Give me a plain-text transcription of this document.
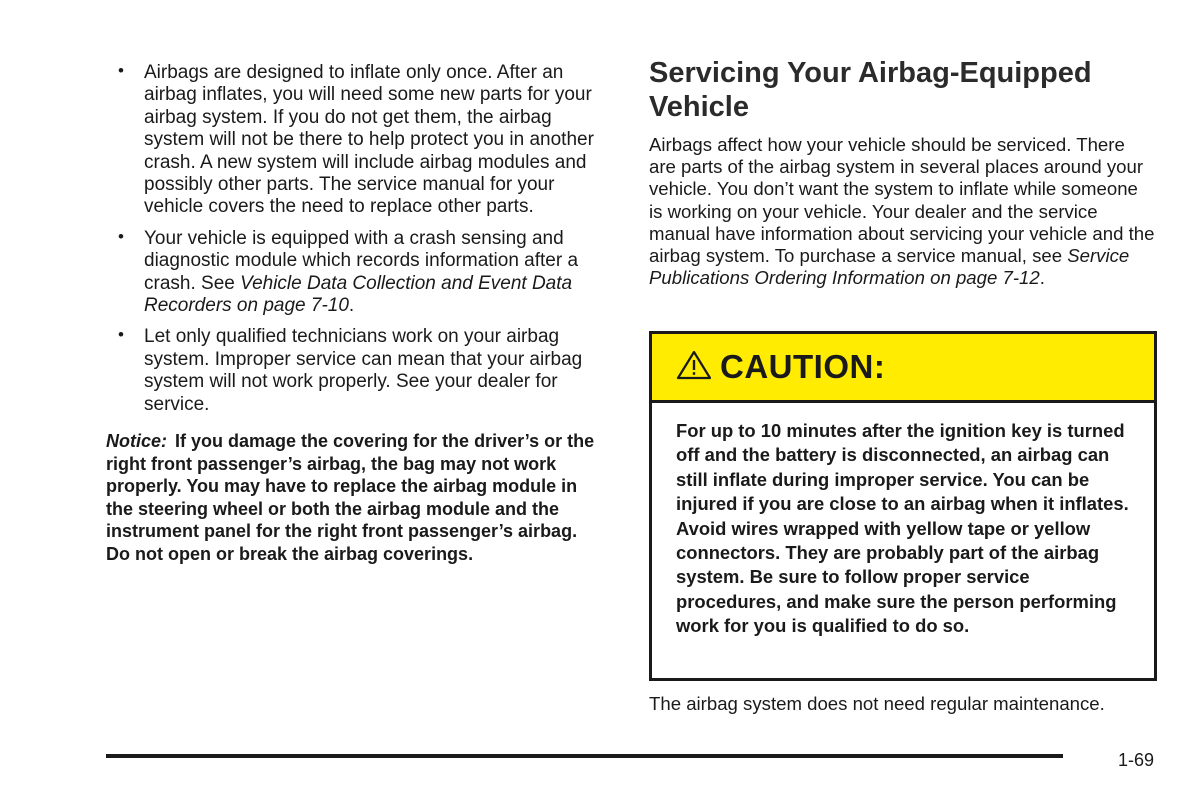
• Airbags are designed to inflate only once. After an airbag inflates, you will need some new parts for your airbag system. If you do not get them, the airbag system will not be there to help protect you in another crash. A new system will include airbag modules and possibly other parts. The service manual for your vehicle covers the need to replace other parts.
• Your vehicle is equipped with a crash sensing and diagnostic module which records information after a crash. See Vehicle Data Collection and Event Data Recorders on page 7-10.
• Let only qualified technicians work on your airbag system. Improper service can mean that your airbag system will not work properly. See your dealer for service.

Notice: If you damage the covering for the driver’s or the right front passenger’s airbag, the bag may not work properly. You may have to replace the airbag module in the steering wheel or both the airbag module and the instrument panel for the right front passenger’s airbag. Do not open or break the airbag coverings.

Servicing Your Airbag-Equipped Vehicle

Airbags affect how your vehicle should be serviced. There are parts of the airbag system in several places around your vehicle. You don’t want the system to inflate while someone is working on your vehicle. Your dealer and the service manual have information about servicing your vehicle and the airbag system. To purchase a service manual, see Service Publications Ordering Information on page 7-12.

CAUTION:

For up to 10 minutes after the ignition key is turned off and the battery is disconnected, an airbag can still inflate during improper service. You can be injured if you are close to an airbag when it inflates. Avoid wires wrapped with yellow tape or yellow connectors. They are probably part of the airbag system. Be sure to follow proper service procedures, and make sure the person performing work for you is qualified to do so.

The airbag system does not need regular maintenance.
1-69
